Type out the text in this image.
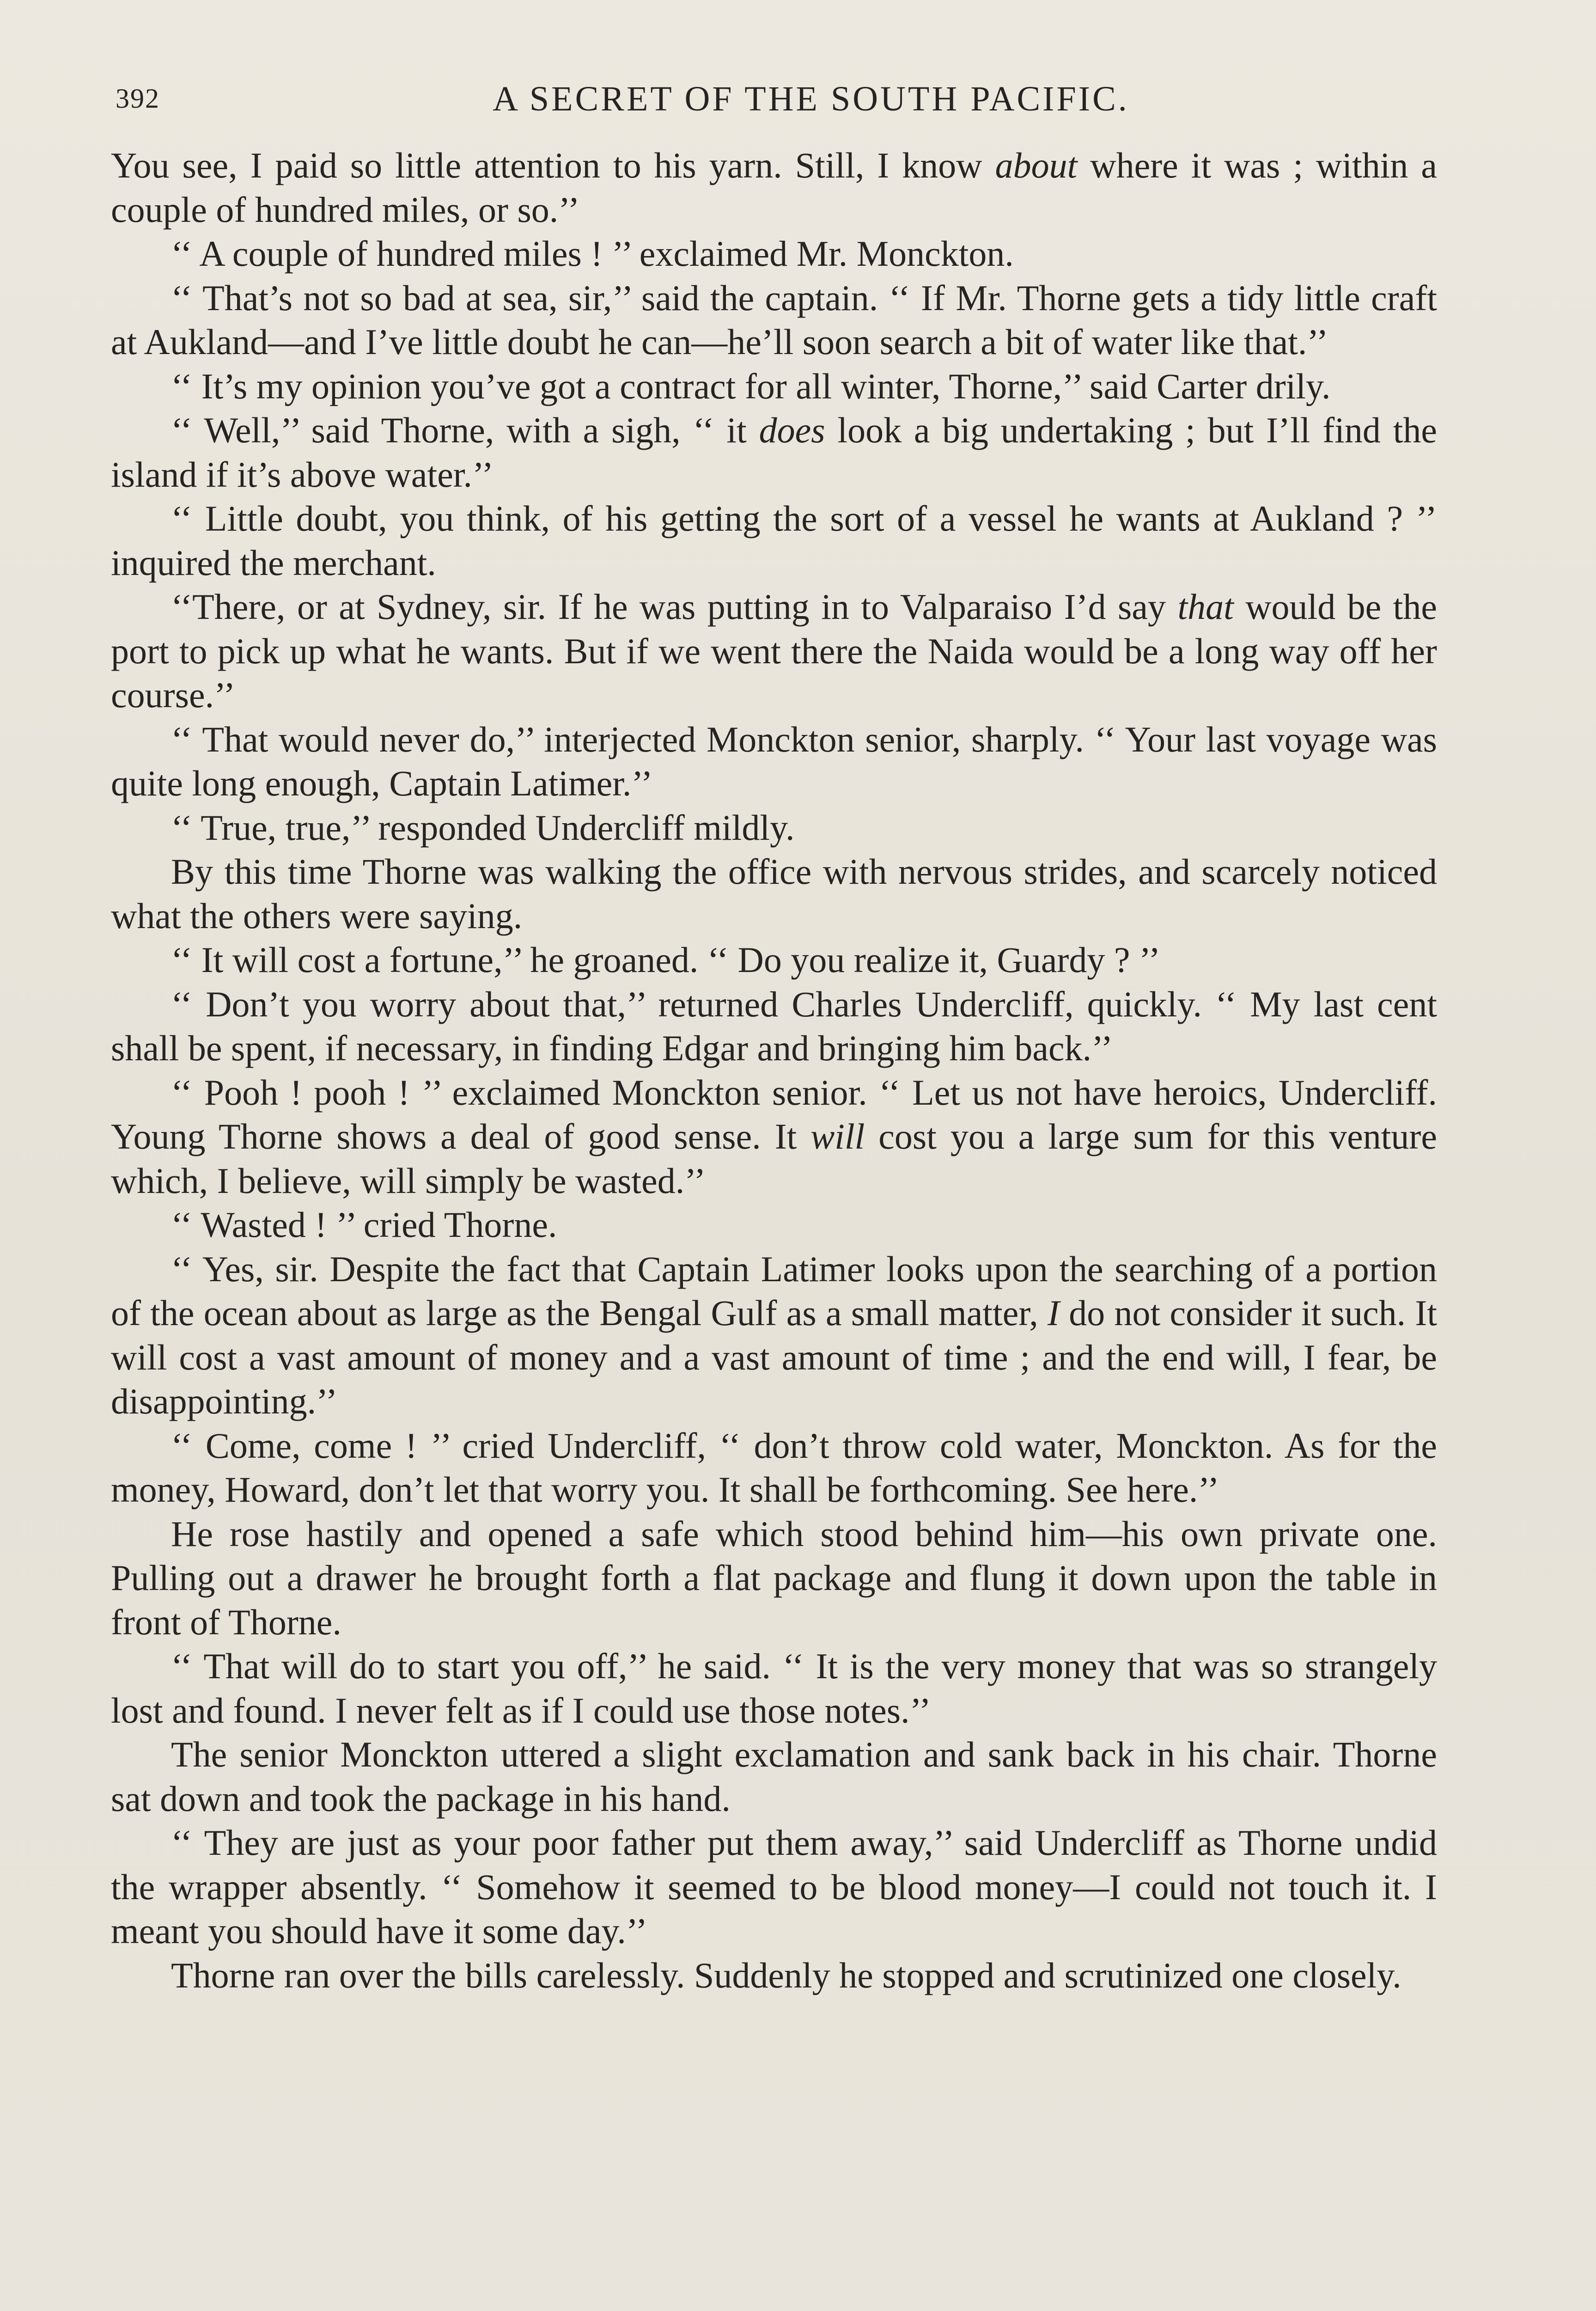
392	A SECRET OF THE SOUTH PACIFIC.

You see, I paid so little attention to his yarn. Still, I know about where it was ; within a couple of hundred miles, or so.’’

‘‘ A couple of hundred miles ! ’’ exclaimed Mr. Monckton.

‘‘ That’s not so bad at sea, sir,’’ said the captain. ‘‘ If Mr. Thorne gets a tidy little craft at Aukland—and I’ve little doubt he can—he’ll soon search a bit of water like that.’’

‘‘ It’s my opinion you’ve got a contract for all winter, Thorne,’’ said Carter drily.

‘‘ Well,’’ said Thorne, with a sigh, ‘‘ it does look a big undertaking ; but I’ll find the island if it’s above water.’’

‘‘ Little doubt, you think, of his getting the sort of a vessel he wants at Aukland ? ’’ inquired the merchant.

‘‘There, or at Sydney, sir. If he was putting in to Valparaiso I’d say that would be the port to pick up what he wants. But if we went there the Naida would be a long way off her course.’’

‘‘ That would never do,’’ interjected Monckton senior, sharply. ‘‘ Your last voyage was quite long enough, Captain Latimer.’’

‘‘ True, true,’’ responded Undercliff mildly.

By this time Thorne was walking the office with nervous strides, and scarcely noticed what the others were saying.

‘‘ It will cost a fortune,’’ he groaned. ‘‘ Do you realize it, Guardy ? ’’

‘‘ Don’t you worry about that,’’ returned Charles Undercliff, quickly. ‘‘ My last cent shall be spent, if necessary, in finding Edgar and bringing him back.’’

‘‘ Pooh ! pooh ! ’’ exclaimed Monckton senior. ‘‘ Let us not have heroics, Undercliff. Young Thorne shows a deal of good sense. It will cost you a large sum for this venture which, I believe, will simply be wasted.’’

‘‘ Wasted ! ’’ cried Thorne.

‘‘ Yes, sir. Despite the fact that Captain Latimer looks upon the searching of a portion of the ocean about as large as the Bengal Gulf as a small matter, I do not consider it such. It will cost a vast amount of money and a vast amount of time ; and the end will, I fear, be disappointing.’’

‘‘ Come, come ! ’’ cried Undercliff, ‘‘ don’t throw cold water, Monckton. As for the money, Howard, don’t let that worry you. It shall be forthcoming. See here.’’

He rose hastily and opened a safe which stood behind him—his own private one. Pulling out a drawer he brought forth a flat package and flung it down upon the table in front of Thorne.

‘‘ That will do to start you off,’’ he said. ‘‘ It is the very money that was so strangely lost and found. I never felt as if I could use those notes.’’

The senior Monckton uttered a slight exclamation and sank back in his chair. Thorne sat down and took the package in his hand.

‘‘ They are just as your poor father put them away,’’ said Undercliff as Thorne undid the wrapper absently. ‘‘ Somehow it seemed to be blood money—I could not touch it. I meant you should have it some day.’’

Thorne ran over the bills carelessly. Suddenly he stopped and scrutinized one closely.
